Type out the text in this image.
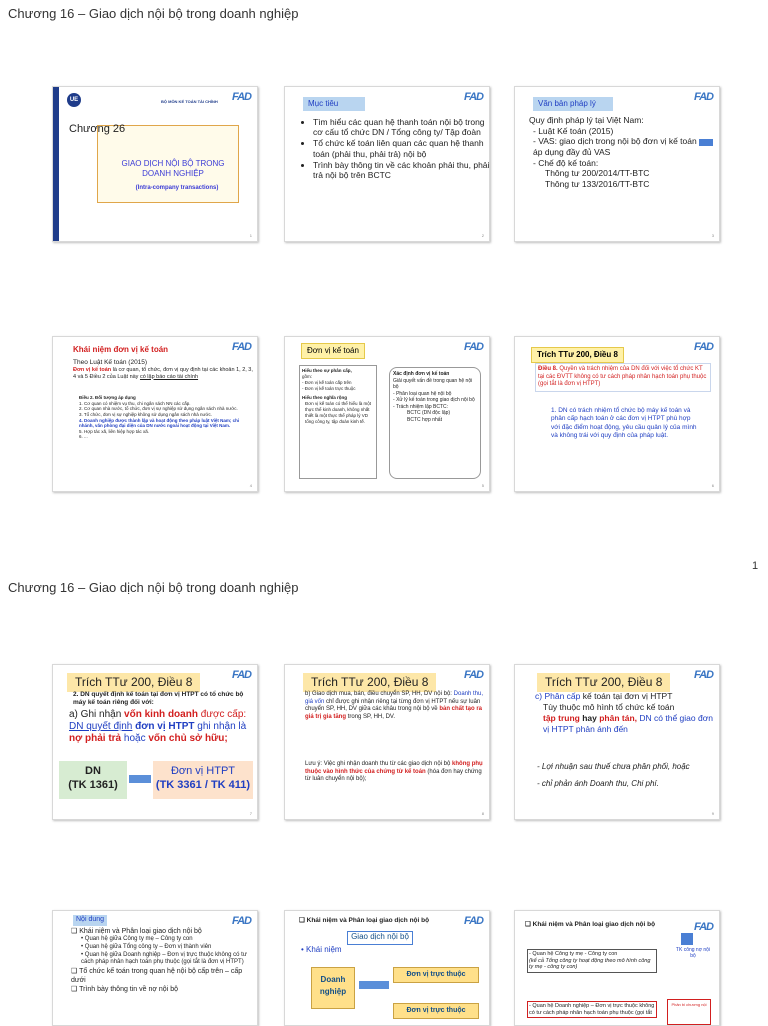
Chương 16 – Giao dịch nội bộ trong doanh nghiệp
1
Chương 16 – Giao dịch nội bộ trong doanh nghiệp
UE	BỘ MÔN KẾ TOÁN TÀI CHÍNH FAD
Chương 26
GIAO DỊCH NỘI BỘ TRONG DOANH NGHIỆP
(Intra-company transactions)
1
Mục tiêu
FAD
• Tìm hiểu các quan hệ thanh toán nội bộ trong cơ cấu tổ chức DN / Tổng công ty/ Tập đoàn
• Tổ chức kế toán liên quan các quan hệ thanh toán (phải thu, phải trả) nội bộ
• Trình bày thông tin về các khoản phải thu, phải trả nội bộ trên BCTC
2
Văn bản pháp lý
FAD
Quy định pháp lý tại Việt Nam:
- Luật Kế toán (2015)
- VAS: giao dịch trong nội bộ đơn vị kế toán  áp dụng đầy đủ VAS
- Chế độ kế toán:
Thông tư 200/2014/TT-BTC
Thông tư 133/2016/TT-BTC
3
Khái niệm đơn vị kế toán	FAD
Theo Luật Kế toán (2015)
Đơn vị kế toán là cơ quan, tổ chức, đơn vị quy định tại các khoản 1, 2, 3, 4 và 5 Điều 2 của Luật này có lập báo cáo tài chính
Điều 2. Đối tượng áp dụng
1. Cơ quan có nhiệm vụ thu, chi ngân sách NN các cấp.
2. Cơ quan nhà nước, tổ chức, đơn vị sự nghiệp sử dụng ngân sách nhà nước.
3. Tổ chức, đơn vị sự nghiệp không sử dụng ngân sách nhà nước.
4. Doanh nghiệp được thành lập và hoạt động theo pháp luật Việt Nam; chi nhánh, văn phòng đại diện của DN nước ngoài hoạt động tại Việt Nam.
5. Hợp tác xã, liên hiệp hợp tác xã.
6. ...
4
Đơn vị kế toán	FAD
Hiểu theo sự phân cấp,
gồm:
- Đơn vị kế toán cấp trên
- Đơn vị kế toán trực thuộc
Hiểu theo nghĩa rộng
Đơn vị kế toán có thể hiểu là một thực thể kinh doanh, không nhất thiết là một thực thể pháp lý VD tổng công ty, tập đoàn kinh tế.
Xác định đơn vị kế toán
Giải quyết vấn đề trong quan hệ nội bộ
- Phân loại quan hệ nội bộ
- Xử lý kế toán trong giao dịch nội bộ
- Trách nhiệm lập BCTC:
BCTC (DN độc lập)
BCTC hợp nhất
5
Trích TTư 200, Điều 8
FAD
Điều 8. Quyền và trách nhiệm của DN đối với việc tổ chức KT tại các ĐVTT không có tư cách pháp nhân hạch toán phụ thuộc (gọi tắt là đơn vị HTPT)
1. DN có trách nhiệm tổ chức bộ máy kế toán và phân cấp hạch toán ở các đơn vị HTPT phù hợp với đặc điểm hoạt động, yêu cầu quản lý của mình và không trái với quy định của pháp luật.
6
Trích TTư 200, Điều 8	FAD
2. DN quyết định kế toán tại đơn vị HTPT có tổ chức bộ máy kế toán riêng đối với:
a) Ghi nhận vốn kinh doanh được cấp: DN quyết định đơn vị HTPT ghi nhận là nợ phải trả hoặc vốn chủ sở hữu;
DN
(TK 1361)
Đơn vị HTPT
(TK 3361 / TK 411)
7
Trích TTư 200, Điều 8	FAD
b) Giao dịch mua, bán, điều chuyển SP, HH, DV nội bộ: Doanh thu, giá vốn chỉ được ghi nhận riêng tại từng đơn vị HTPT nếu sự luân chuyển SP, HH, DV giữa các khâu trong nội bộ về bản chất tạo ra giá trị gia tăng trong SP, HH, DV.
Lưu ý: Việc ghi nhận doanh thu từ các giao dịch nội bộ không phụ thuộc vào hình thức của chứng từ kế toán (hóa đơn hay chứng từ luân chuyển nội bộ);
8
Trích TTư 200, Điều 8	FAD
c) Phân cấp kế toán tại đơn vị HTPT
Tùy thuộc mô hình tổ chức kế toán
tập trung hay phân tán, DN có thể giao đơn vị HTPT phản ánh đến
- Lợi nhuận sau thuế chưa phân phối, hoặc
- chỉ phản ánh Doanh thu, Chi phí.
9
Nội dung	FAD
❑ Khái niệm và Phân loại giao dịch nội bộ
• Quan hệ giữa Công ty mẹ – Công ty con
• Quan hệ giữa Tổng công ty – Đơn vị thành viên
• Quan hệ giữa Doanh nghiệp – Đơn vị trực thuộc không có tư cách pháp nhân hạch toán phụ thuộc (gọi tắt là đơn vị HTPT)
❑ Tổ chức kế toán trong quan hệ nội bộ cấp trên – cấp dưới
❑ Trình bày thông tin về nợ nội bộ
❑ Khái niệm và Phân loại giao dịch nội bộ	FAD
Giao dịch nội bộ
• Khái niệm
Doanh
nghiệp
Đơn vị trực thuộc
Đơn vị trực thuộc
❑ Khái niệm và Phân loại giao dịch nội bộ	FAD
- Quan hệ Công ty mẹ - Công ty con
(kể cả Tổng công ty hoạt động theo mô hình công ty mẹ - công ty con)
TK công nợ nội bộ
- Quan hệ Doanh nghiệp – Đơn vị trực thuộc không có tư cách pháp nhân hạch toán phụ thuộc (gọi tắt
Phân bi chương nội
